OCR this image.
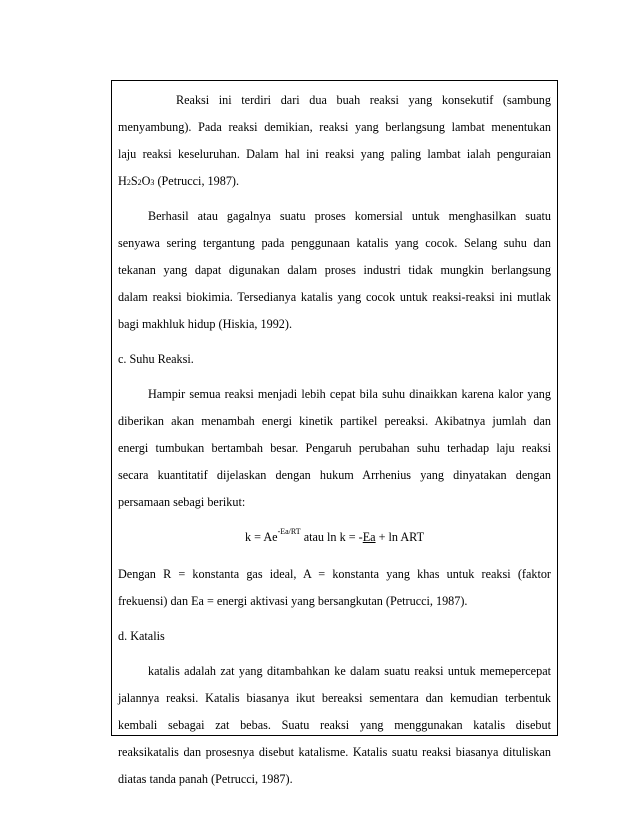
Reaksi ini terdiri dari dua buah reaksi yang konsekutif (sambung

menyambung). Pada reaksi demikian, reaksi yang berlangsung lambat menentukan

laju reaksi keseluruhan. Dalam hal ini reaksi yang paling lambat ialah penguraian

H2S2O3 (Petrucci, 1987).

Berhasil atau gagalnya suatu proses komersial untuk menghasilkan suatu

senyawa sering tergantung pada penggunaan katalis yang cocok. Selang suhu dan

tekanan yang dapat digunakan dalam proses industri tidak mungkin berlangsung

dalam reaksi biokimia. Tersedianya katalis yang cocok untuk reaksi-reaksi ini mutlak

bagi makhluk hidup (Hiskia, 1992).

c. Suhu Reaksi.

Hampir semua reaksi menjadi lebih cepat bila suhu dinaikkan karena kalor yang

diberikan akan menambah energi kinetik partikel pereaksi. Akibatnya jumlah dan

energi tumbukan bertambah besar. Pengaruh perubahan suhu terhadap laju reaksi

secara kuantitatif dijelaskan dengan hukum Arrhenius yang dinyatakan dengan

persamaan sebagi berikut:

$k = Ae^{-Ea/RT}$ atau ln k = -Ea + ln ART

Dengan R = konstanta gas ideal, A = konstanta yang khas untuk reaksi (faktor

frekuensi) dan Ea = energi aktivasi yang bersangkutan (Petrucci, 1987).

d. Katalis

katalis adalah zat yang ditambahkan ke dalam suatu reaksi untuk memepercepat

jalannya reaksi. Katalis biasanya ikut bereaksi sementara dan kemudian terbentuk

kembali sebagai zat bebas. Suatu reaksi yang menggunakan katalis disebut

reaksikatalis dan prosesnya disebut katalisme. Katalis suatu reaksi biasanya dituliskan

diatas tanda panah (Petrucci, 1987).
